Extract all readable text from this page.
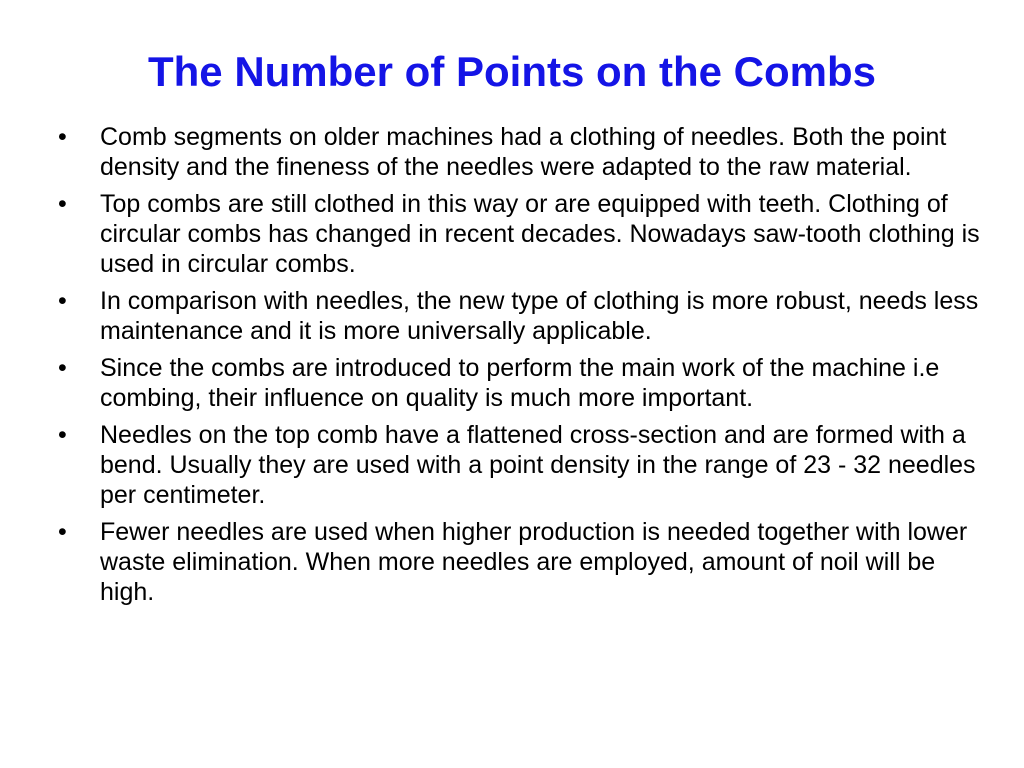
The Number of Points on the Combs
•	Comb segments on older machines had a clothing of needles. Both the point density and the fineness of the needles were adapted to the raw material.
•	Top combs are still clothed in this way or are equipped with teeth. Clothing of circular combs has changed in recent decades. Nowadays saw-tooth clothing is used in circular combs.
•	In comparison with needles, the new type of clothing is more robust, needs less maintenance and it is more universally applicable.
•	Since the combs are introduced to perform the main work of the machine i.e combing, their influence on quality is much more important.
•	Needles on the top comb have a flattened cross-section and are formed with a bend. Usually they are used with a point density in the range of 23 - 32 needles per centimeter.
•	Fewer needles are used when higher production is needed together with lower waste elimination. When more needles are employed, amount of noil will be high.
